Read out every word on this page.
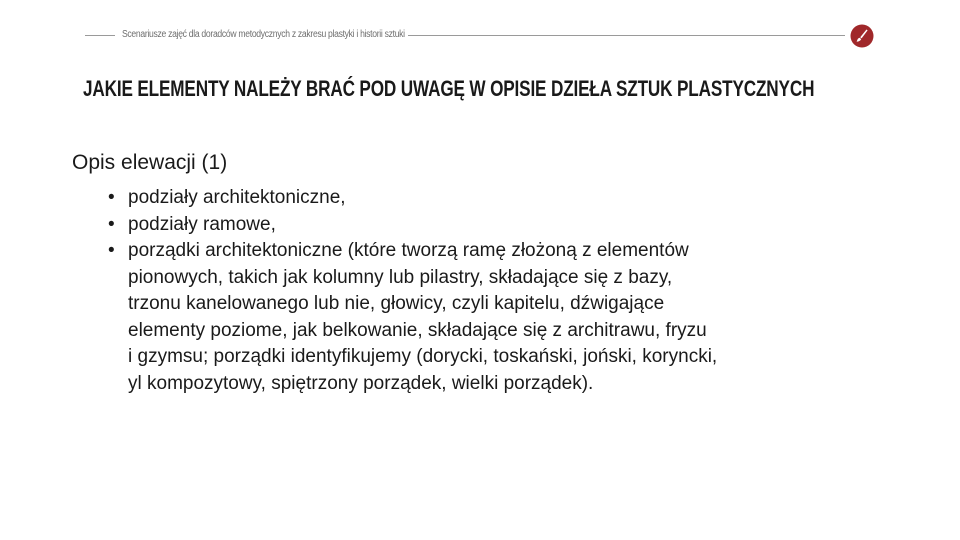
Scenariusze zajęć dla doradców metodycznych z zakresu plastyki i historii sztuki
JAKIE ELEMENTY NALEŻY BRAĆ POD UWAGĘ W OPISIE DZIEŁA SZTUK PLASTYCZNYCH
Opis elewacji (1)
• podziały architektoniczne,
• podziały ramowe,
• porządki architektoniczne (które tworzą ramę złożoną z elementów
pionowych, takich jak kolumny lub pilastry, składające się z bazy,
trzonu kanelowanego lub nie, głowicy, czyli kapitelu, dźwigające
elementy poziome, jak belkowanie, składające się z architrawu, fryzu
i gzymsu; porządki identyfikujemy (dorycki, toskański, joński, koryncki,
yl kompozytowy, spiętrzony porządek, wielki porządek).
